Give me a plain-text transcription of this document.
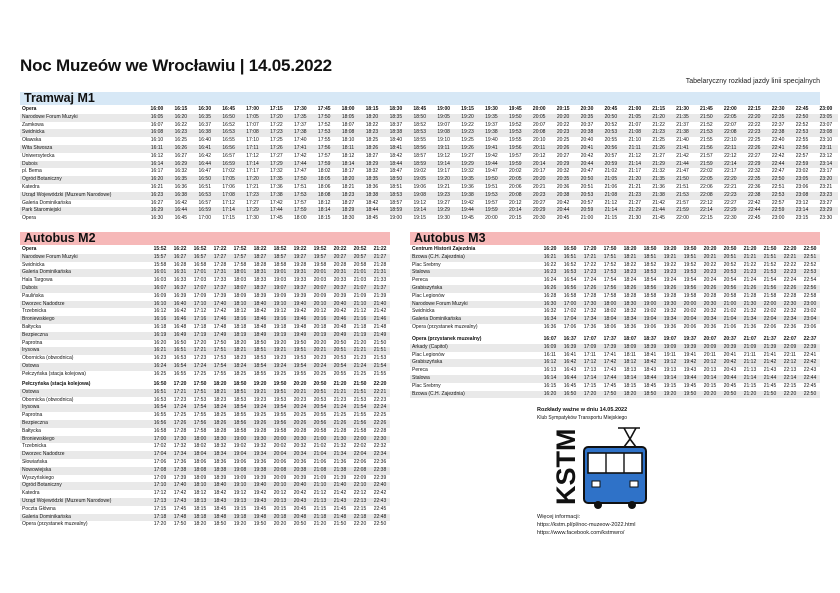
Noc Muzeów we Wrocławiu | 14.05.2022
Tabelaryczny rozkład jazdy linii specjalnych
Tramwaj M1
Opera	16:00	16:15	16:30	16:45	17:00	17:15	17:30	17:45	18:00	18:15	18:30	18:45	19:00	19:15	19:30	19:45	20:00	20:15	20:30	20:45	21:00	21:15	21:30	21:45	22:00	22:15	22:30	22:45	23:00
Narodowe Forum Muzyki	16:05	16:20	16:35	16:50	17:05	17:20	17:35	17:50	18:05	18:20	18:35	18:50	19:05	19:20	19:35	19:50	20:05	20:20	20:35	20:50	21:05	21:20	21:35	21:50	22:05	22:20	22:35	22:50	23:05
Zamkowa	16:07	16:22	16:37	16:52	17:07	17:22	17:37	17:52	18:07	18:22	18:37	18:52	19:07	19:22	19:37	19:52	20:07	20:22	20:37	20:52	21:07	21:22	21:37	21:52	22:07	22:22	22:37	22:52	23:07
Świdnicka	16:08	16:23	16:38	16:53	17:08	17:23	17:38	17:53	18:08	18:23	18:38	18:53	19:08	19:23	19:38	19:53	20:08	20:23	20:38	20:53	21:08	21:23	21:38	21:53	22:08	22:23	22:38	22:53	23:08
Oławska	16:10	16:25	16:40	16:55	17:10	17:25	17:40	17:55	18:10	18:25	18:40	18:55	19:10	19:25	19:40	19:55	20:10	20:25	20:40	20:55	21:10	21:25	21:40	21:55	22:10	22:25	22:40	22:55	23:10
Wita Stwosza	16:11	16:26	16:41	16:56	17:11	17:26	17:41	17:56	18:11	18:26	18:41	18:56	19:11	19:26	19:41	19:56	20:11	20:26	20:41	20:56	21:11	21:26	21:41	21:56	22:11	22:26	22:41	22:56	23:11
Uniwersytecka	16:12	16:27	16:42	16:57	17:12	17:27	17:42	17:57	18:12	18:27	18:42	18:57	19:12	19:27	19:42	19:57	20:12	20:27	20:42	20:57	21:12	21:27	21:42	21:57	22:12	22:27	22:42	22:57	23:12
Dubois	16:14	16:29	16:44	16:59	17:14	17:29	17:44	17:59	18:14	18:29	18:44	18:59	19:14	19:29	19:44	19:59	20:14	20:29	20:44	20:59	21:14	21:29	21:44	21:59	22:14	22:29	22:44	22:59	23:14
pl. Bema	16:17	16:32	16:47	17:02	17:17	17:32	17:47	18:02	18:17	18:32	18:47	19:02	19:17	19:32	19:47	20:02	20:17	20:32	20:47	21:02	21:17	21:32	21:47	22:02	22:17	22:32	22:47	23:02	23:17
Ogród Botaniczny	16:20	16:35	16:50	17:05	17:20	17:35	17:50	18:05	18:20	18:35	18:50	19:05	19:20	19:35	19:50	20:05	20:20	20:35	20:50	21:05	21:20	21:35	21:50	22:05	22:20	22:35	22:50	23:05	23:20
Katedra	16:21	16:36	16:51	17:06	17:21	17:36	17:51	18:06	18:21	18:36	18:51	19:06	19:21	19:36	19:51	20:06	20:21	20:36	20:51	21:06	21:21	21:36	21:51	22:06	22:21	22:36	22:51	23:06	23:21
Urząd Wojewódzki (Muzeum Narodowe)	16:23	16:38	16:53	17:08	17:23	17:38	17:53	18:08	18:23	18:38	18:53	19:08	19:23	19:38	19:53	20:08	20:23	20:38	20:53	21:08	21:23	21:38	21:53	22:08	22:23	22:38	22:53	23:08	23:23
Galeria Dominikańska	16:27	16:42	16:57	17:12	17:27	17:42	17:57	18:12	18:27	18:42	18:57	19:12	19:27	19:42	19:57	20:12	20:27	20:42	20:57	21:12	21:27	21:42	21:57	22:12	22:27	22:42	22:57	23:12	23:27
Park Staromiejski	16:29	16:44	16:59	17:14	17:29	17:44	17:59	18:14	18:29	18:44	18:59	19:14	19:29	19:44	19:59	20:14	20:29	20:44	20:59	21:14	21:29	21:44	21:59	22:14	22:29	22:44	22:59	23:14	23:29
Opera	16:30	16:45	17:00	17:15	17:30	17:45	18:00	18:15	18:30	18:45	19:00	19:15	19:30	19:45	20:00	20:15	20:30	20:45	21:00	21:15	21:30	21:45	22:00	22:15	22:30	22:45	23:00	23:15	23:30
Autobus M2
Opera	15:52	16:22	16:52	17:22	17:52	18:22	18:52	19:22	19:52	20:22	20:52	21:22
Narodowe Forum Muzyki	15:57	16:27	16:57	17:27	17:57	18:27	18:57	19:27	19:57	20:27	20:57	21:27
Świdnicka	15:58	16:28	16:58	17:28	17:58	18:28	18:58	19:28	19:58	20:28	20:58	21:28
Galeria Dominikańska	16:01	16:31	17:01	17:31	18:01	18:31	19:01	19:31	20:01	20:31	21:01	21:31
Hala Targowa	16:03	16:33	17:03	17:33	18:03	18:33	19:03	19:33	20:03	20:33	21:03	21:33
Dubois	16:07	16:37	17:07	17:37	18:07	18:37	19:07	19:37	20:07	20:37	21:07	21:37
Paulińska	16:09	16:39	17:09	17:39	18:09	18:39	19:09	19:39	20:09	20:39	21:09	21:39
Dworzec Nadodrze	16:10	16:40	17:10	17:40	18:10	18:40	19:10	19:40	20:10	20:40	21:10	21:40
Trzebnicka	16:12	16:42	17:12	17:42	18:12	18:42	19:12	19:42	20:12	20:42	21:12	21:42
Broniewskiego	16:16	16:46	17:16	17:46	18:16	18:46	19:16	19:46	20:16	20:46	21:16	21:46
Bałtycka	16:18	16:48	17:18	17:48	18:18	18:48	19:18	19:48	20:18	20:48	21:18	21:48
Bezpieczna	16:19	16:49	17:19	17:49	18:19	18:49	19:19	19:49	20:19	20:49	21:19	21:49
Paprotna	16:20	16:50	17:20	17:50	18:20	18:50	19:20	19:50	20:20	20:50	21:20	21:50
Irysowa	16:21	16:51	17:21	17:51	18:21	18:51	19:21	19:51	20:21	20:51	21:21	21:51
Obornicka (obwodnica)	16:23	16:53	17:23	17:53	18:23	18:53	19:23	19:53	20:23	20:53	21:23	21:53
Ostowa	16:24	16:54	17:24	17:54	18:24	18:54	19:24	19:54	20:24	20:54	21:24	21:54
Pełczyńska (stacja kolejowa)	16:25	16:55	17:25	17:55	18:25	18:55	19:25	19:55	20:25	20:55	21:25	21:55
Pełczyńska (stacja kolejowa)	16:50	17:20	17:50	18:20	18:50	19:20	19:50	20:20	20:50	21:20	21:50	22:20
Ostowa	16:51	17:21	17:51	18:21	18:51	19:21	19:51	20:21	20:51	21:21	21:51	22:21
Obornicka (obwodnica)	16:53	17:23	17:53	18:23	18:53	19:23	19:53	20:23	20:53	21:23	21:53	22:23
Irysowa	16:54	17:24	17:54	18:24	18:54	19:24	19:54	20:24	20:54	21:24	21:54	22:24
Paprotna	16:55	17:25	17:55	18:25	18:55	19:25	19:55	20:25	20:55	21:25	21:55	22:25
Bezpieczna	16:56	17:26	17:56	18:26	18:56	19:26	19:56	20:26	20:56	21:26	21:56	22:26
Bałtycka	16:58	17:28	17:58	18:28	18:58	19:28	19:58	20:28	20:58	21:28	21:58	22:28
Broniewskiego	17:00	17:30	18:00	18:30	19:00	19:30	20:00	20:30	21:00	21:30	22:00	22:30
Trzebnicka	17:02	17:32	18:02	18:32	19:02	19:32	20:02	20:32	21:02	21:32	22:02	22:32
Dworzec Nadodrze	17:04	17:34	18:04	18:34	19:04	19:34	20:04	20:34	21:04	21:34	22:04	22:34
Słowiańska	17:06	17:36	18:06	18:36	19:06	19:36	20:06	20:36	21:06	21:36	22:06	22:36
Nowowiejska	17:08	17:38	18:08	18:38	19:08	19:38	20:08	20:38	21:08	21:38	22:08	22:38
Wyszyńskiego	17:09	17:39	18:09	18:39	19:09	19:39	20:09	20:39	21:09	21:39	22:09	22:39
Ogród Botaniczny	17:10	17:40	18:10	18:40	19:10	19:40	20:10	20:40	21:10	21:40	22:10	22:40
Katedra	17:12	17:42	18:12	18:42	19:12	19:42	20:12	20:42	21:12	21:42	22:12	22:42
Urząd Wojewódzki (Muzeum Narodowe)	17:13	17:43	18:13	18:43	19:13	19:43	20:13	20:43	21:13	21:43	22:13	22:43
Poczta Główna	17:15	17:45	18:15	18:45	19:15	19:45	20:15	20:45	21:15	21:45	22:15	22:45
Galeria Dominikańska	17:18	17:48	18:18	18:48	19:18	19:48	20:18	20:48	21:18	21:48	22:18	22:48
Opera (przystanek muzealny)	17:20	17:50	18:20	18:50	19:20	19:50	20:20	20:50	21:20	21:50	22:20	22:50
Autobus M3
Centrum Historii Zajezdnia	16:20	16:50	17:20	17:50	18:20	18:50	19:20	19:50	20:20	20:50	21:20	21:50	22:20	22:50
Bzowa (C.H. Zajezdnia)	16:21	16:51	17:21	17:51	18:21	18:51	19:21	19:51	20:21	20:51	21:21	21:51	22:21	22:51
Plac Srebrny	16:22	16:52	17:22	17:52	18:22	18:52	19:22	19:52	20:22	20:52	21:22	21:52	22:22	22:52
Stalowa	16:23	16:53	17:23	17:53	18:23	18:53	19:23	19:53	20:23	20:53	21:23	21:53	22:23	22:53
Pereca	16:24	16:54	17:24	17:54	18:24	18:54	19:24	19:54	20:24	20:54	21:24	21:54	22:24	22:54
Grabiszyńska	16:26	16:56	17:26	17:56	18:26	18:56	19:26	19:56	20:26	20:56	21:26	21:56	22:26	22:56
Plac Legionów	16:28	16:58	17:28	17:58	18:28	18:58	19:28	19:58	20:28	20:58	21:28	21:58	22:28	22:58
Narodowe Forum Muzyki	16:30	17:00	17:30	18:00	18:30	19:00	19:30	20:00	20:30	21:00	21:30	22:00	22:30	23:00
Świdnicka	16:32	17:02	17:32	18:02	18:32	19:02	19:32	20:02	20:32	21:02	21:32	22:02	22:32	23:02
Galeria Dominikańska	16:34	17:04	17:34	18:04	18:34	19:04	19:34	20:04	20:34	21:04	21:34	22:04	22:34	23:04
Opera (przystanek muzealny)	16:36	17:06	17:36	18:06	18:36	19:06	19:36	20:06	20:36	21:06	21:36	22:06	22:36	23:06
Opera (przystanek muzealny)	16:07	16:37	17:07	17:37	18:07	18:37	19:07	19:37	20:07	20:37	21:07	21:37	22:07	22:37
Arkady (Capitol)	16:09	16:39	17:09	17:39	18:09	18:39	19:09	19:39	20:09	20:39	21:09	21:39	22:09	22:39
Plac Legionów	16:11	16:41	17:11	17:41	18:11	18:41	19:11	19:41	20:11	20:41	21:11	21:41	22:11	22:41
Grabiszyńska	16:12	16:42	17:12	17:42	18:12	18:42	19:12	19:42	20:12	20:42	21:12	21:42	22:12	22:42
Pereca	16:13	16:43	17:13	17:43	18:13	18:43	19:13	19:43	20:13	20:43	21:13	21:43	22:13	22:43
Stalowa	16:14	16:44	17:14	17:44	18:14	18:44	19:14	19:44	20:14	20:44	21:14	21:44	22:14	22:44
Plac Srebrny	16:15	16:45	17:15	17:45	18:15	18:45	19:15	19:45	20:15	20:45	21:15	21:45	22:15	22:45
Bzowa (C.H. Zajezdnia)	16:20	16:50	17:20	17:50	18:20	18:50	19:20	19:50	20:20	20:50	21:20	21:50	22:20	22:50
Rozkłady ważne w dniu 14.05.2022
Klub Sympatyków Transportu Miejskiego
KSTM
Więcej informacji:
https://kstm.pl/pl/noc-muzeow-2022.html
https://www.facebook.com/kstmwro/
